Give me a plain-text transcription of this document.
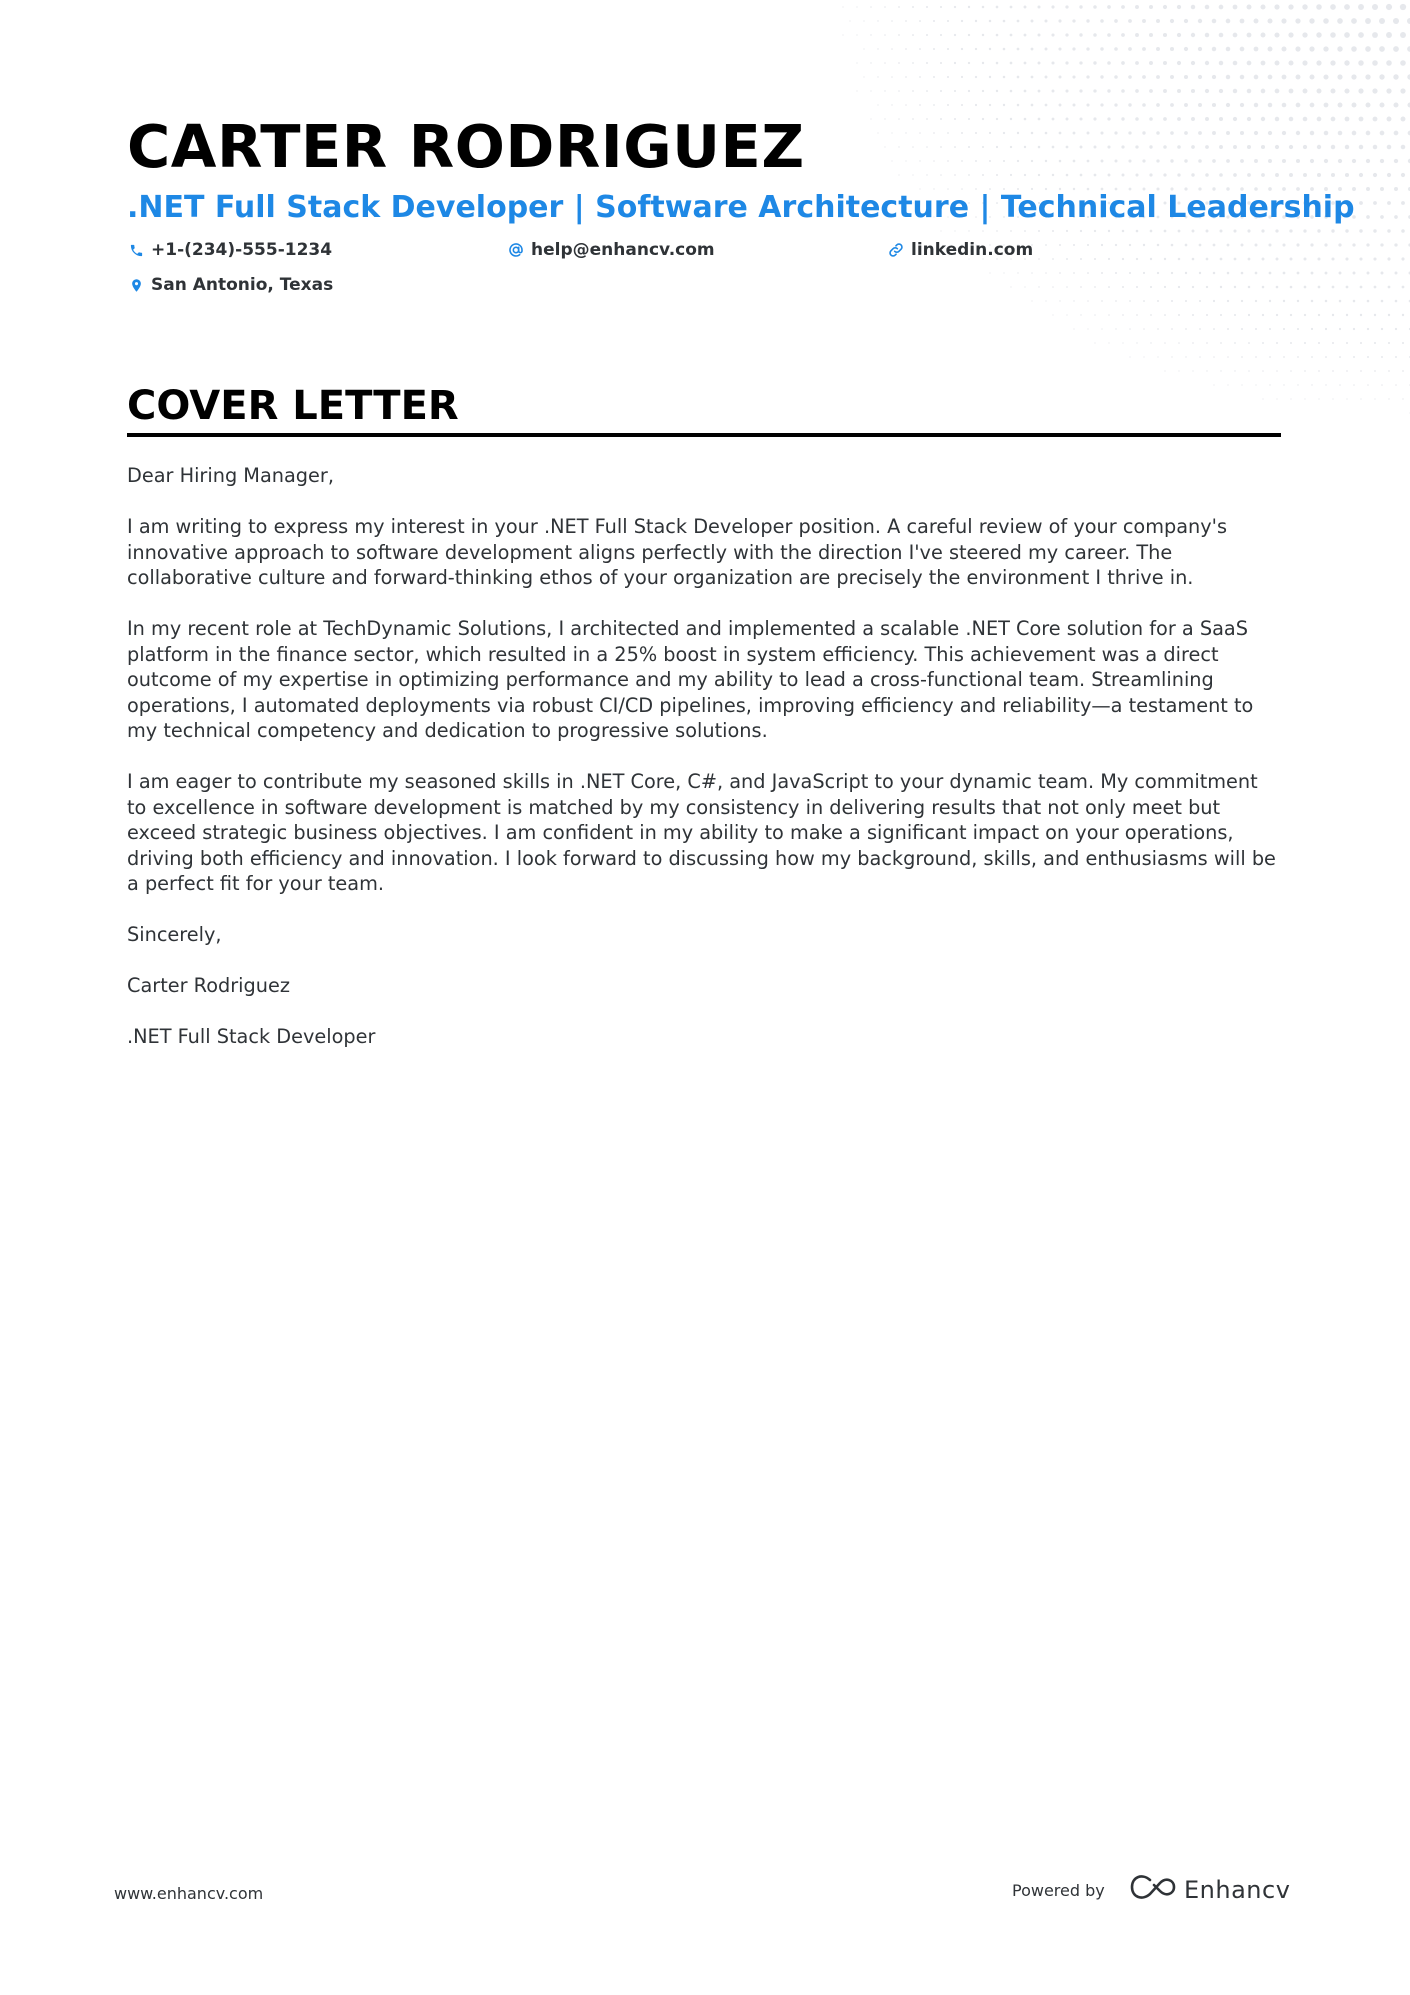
CARTER RODRIGUEZ
.NET Full Stack Developer | Software Architecture | Technical Leadership
+1-(234)-555-1234	help@enhancv.com	linkedin.com
San Antonio, Texas
COVER LETTER

Dear Hiring Manager,

I am writing to express my interest in your .NET Full Stack Developer position. A careful review of your company's innovative approach to software development aligns perfectly with the direction I've steered my career. The collaborative culture and forward-thinking ethos of your organization are precisely the environment I thrive in.

In my recent role at TechDynamic Solutions, I architected and implemented a scalable .NET Core solution for a SaaS platform in the finance sector, which resulted in a 25% boost in system efficiency. This achievement was a direct outcome of my expertise in optimizing performance and my ability to lead a cross-functional team. Streamlining operations, I automated deployments via robust CI/CD pipelines, improving efficiency and reliability—a testament to my technical competency and dedication to progressive solutions.

I am eager to contribute my seasoned skills in .NET Core, C#, and JavaScript to your dynamic team. My commitment to excellence in software development is matched by my consistency in delivering results that not only meet but exceed strategic business objectives. I am confident in my ability to make a significant impact on your operations, driving both efficiency and innovation. I look forward to discussing how my background, skills, and enthusiasms will be a perfect fit for your team.

Sincerely,

Carter Rodriguez

.NET Full Stack Developer

www.enhancv.com	Powered by	Enhancv
